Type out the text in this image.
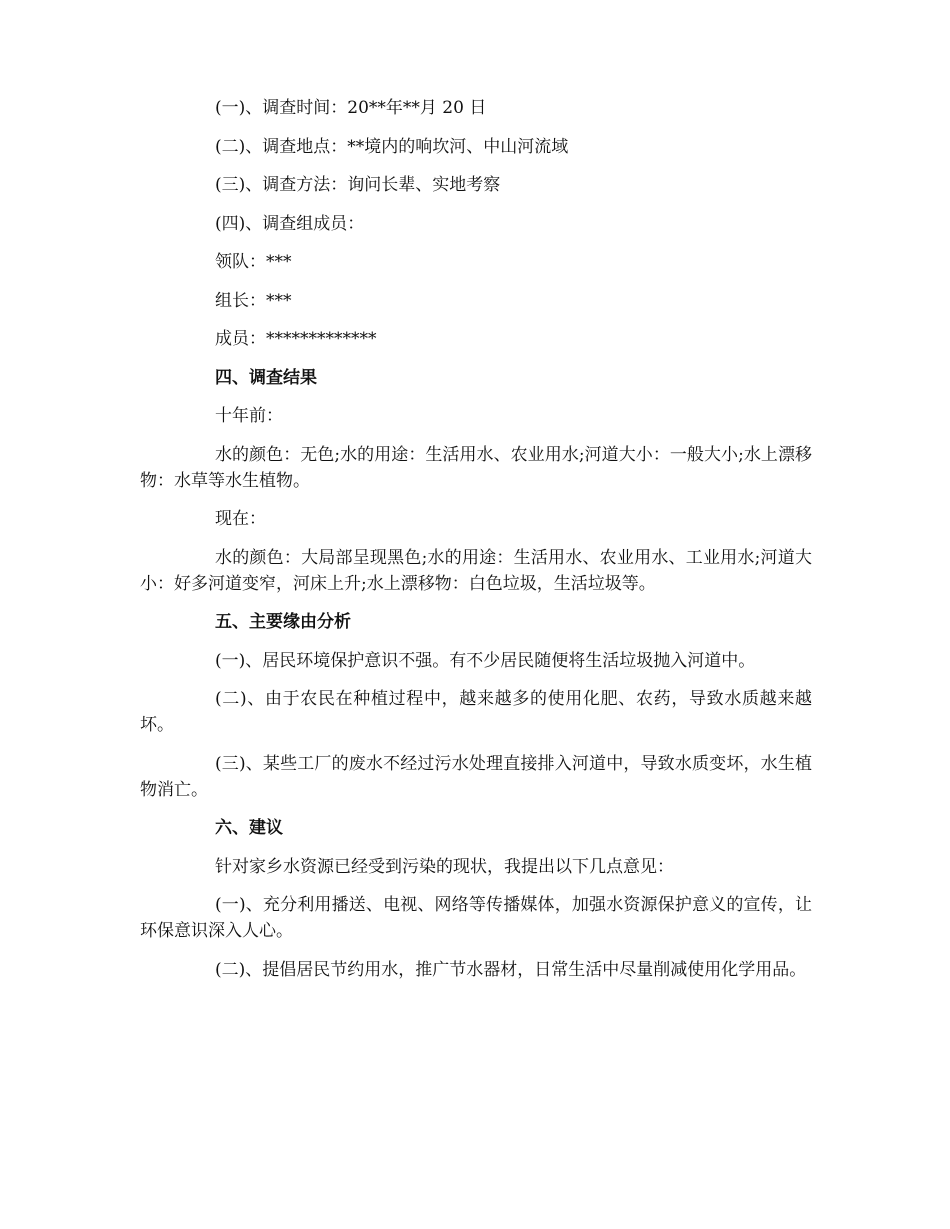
(一)、调查时间：20**年**月 20 日

(二)、调查地点：**境内的响坎河、中山河流域

(三)、调查方法：询问长辈、实地考察

(四)、调查组成员：

领队：***

组长：***

成员：*************

四、调查结果

十年前：

水的颜色：无色;水的用途：生活用水、农业用水;河道大小：一般大小;水上漂移物：水草等水生植物。

现在：

水的颜色：大局部呈现黑色;水的用途：生活用水、农业用水、工业用水;河道大小：好多河道变窄，河床上升;水上漂移物：白色垃圾，生活垃圾等。

五、主要缘由分析

(一)、居民环境保护意识不强。有不少居民随便将生活垃圾抛入河道中。

(二)、由于农民在种植过程中，越来越多的使用化肥、农药，导致水质越来越坏。

(三)、某些工厂的废水不经过污水处理直接排入河道中，导致水质变坏，水生植物消亡。

六、建议

针对家乡水资源已经受到污染的现状，我提出以下几点意见：

(一)、充分利用播送、电视、网络等传播媒体，加强水资源保护意义的宣传，让环保意识深入人心。

(二)、提倡居民节约用水，推广节水器材，日常生活中尽量削减使用化学用品。
